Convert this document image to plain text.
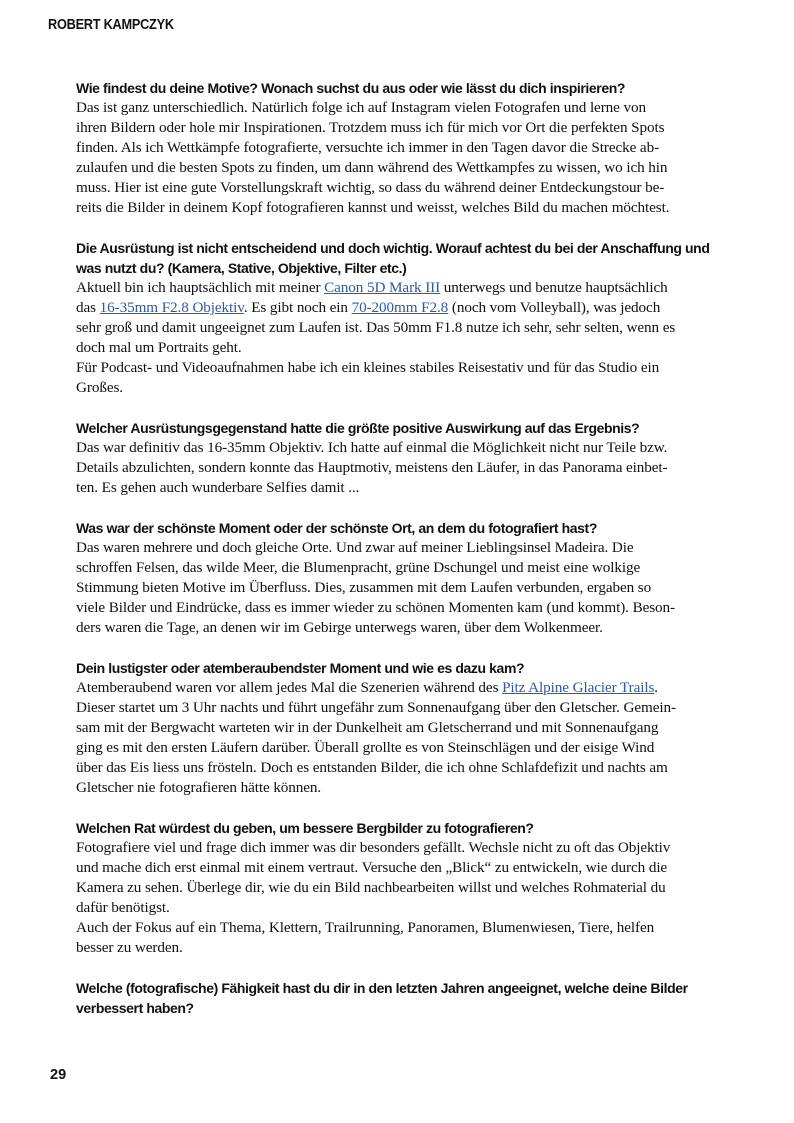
ROBERT KAMPCZYK

Wie findest du deine Motive? Wonach suchst du aus oder wie lässt du dich inspirieren?

Das ist ganz unterschiedlich. Natürlich folge ich auf Instagram vielen Fotografen und lerne von
ihren Bildern oder hole mir Inspirationen. Trotzdem muss ich für mich vor Ort die perfekten Spots
finden. Als ich Wettkämpfe fotografierte, versuchte ich immer in den Tagen davor die Strecke ab-
zulaufen und die besten Spots zu finden, um dann während des Wettkampfes zu wissen, wo ich hin
muss. Hier ist eine gute Vorstellungskraft wichtig, so dass du während deiner Entdeckungstour be-
reits die Bilder in deinem Kopf fotografieren kannst und weisst, welches Bild du machen möchtest.

Die Ausrüstung ist nicht entscheidend und doch wichtig. Worauf achtest du bei der Anschaffung und was nutzt du? (Kamera, Stative, Objektive, Filter etc.)

Aktuell bin ich hauptsächlich mit meiner Canon 5D Mark III unterwegs und benutze hauptsächlich
das 16-35mm F2.8 Objektiv. Es gibt noch ein 70-200mm F2.8 (noch vom Volleyball), was jedoch
sehr groß und damit ungeeignet zum Laufen ist. Das 50mm F1.8 nutze ich sehr, sehr selten, wenn es
doch mal um Portraits geht.
Für Podcast- und Videoaufnahmen habe ich ein kleines stabiles Reisestativ und für das Studio ein
Großes.

Welcher Ausrüstungsgegenstand hatte die größte positive Auswirkung auf das Ergebnis?

Das war definitiv das 16-35mm Objektiv. Ich hatte auf einmal die Möglichkeit nicht nur Teile bzw.
Details abzulichten, sondern konnte das Hauptmotiv, meistens den Läufer, in das Panorama einbet-
ten. Es gehen auch wunderbare Selfies damit ...

Was war der schönste Moment oder der schönste Ort, an dem du fotografiert hast?

Das waren mehrere und doch gleiche Orte. Und zwar auf meiner Lieblingsinsel Madeira. Die
schroffen Felsen, das wilde Meer, die Blumenpracht, grüne Dschungel und meist eine wolkige
Stimmung bieten Motive im Überfluss. Dies, zusammen mit dem Laufen verbunden, ergaben so
viele Bilder und Eindrücke, dass es immer wieder zu schönen Momenten kam (und kommt). Beson-
ders waren die Tage, an denen wir im Gebirge unterwegs waren, über dem Wolkenmeer.

Dein lustigster oder atemberaubendster Moment und wie es dazu kam?

Atemberaubend waren vor allem jedes Mal die Szenerien während des Pitz Alpine Glacier Trails.
Dieser startet um 3 Uhr nachts und führt ungefähr zum Sonnenaufgang über den Gletscher. Gemein-
sam mit der Bergwacht warteten wir in der Dunkelheit am Gletscherrand und mit Sonnenaufgang
ging es mit den ersten Läufern darüber. Überall grollte es von Steinschlägen und der eisige Wind
über das Eis liess uns frösteln. Doch es entstanden Bilder, die ich ohne Schlafdefizit und nachts am
Gletscher nie fotografieren hätte können.

Welchen Rat würdest du geben, um bessere Bergbilder zu fotografieren?

Fotografiere viel und frage dich immer was dir besonders gefällt. Wechsle nicht zu oft das Objektiv
und mache dich erst einmal mit einem vertraut. Versuche den „Blick“ zu entwickeln, wie durch die
Kamera zu sehen. Überlege dir, wie du ein Bild nachbearbeiten willst und welches Rohmaterial du
dafür benötigst.
Auch der Fokus auf ein Thema, Klettern, Trailrunning, Panoramen, Blumenwiesen, Tiere, helfen
besser zu werden.

Welche (fotografische) Fähigkeit hast du dir in den letzten Jahren angeeignet, welche deine Bilder verbessert haben?

29
